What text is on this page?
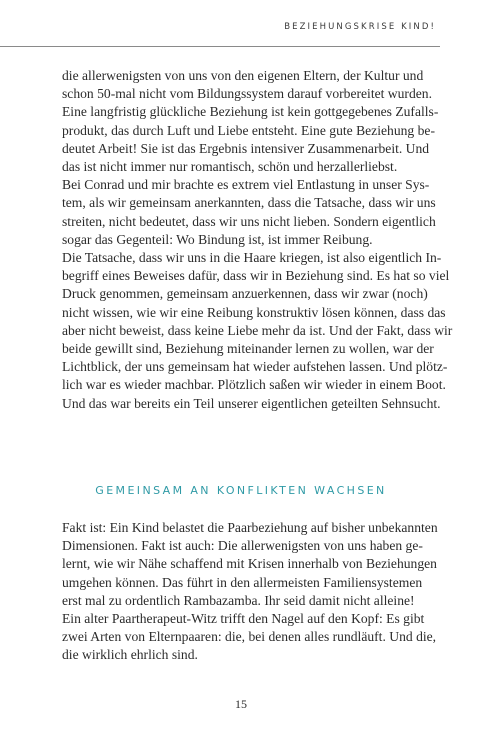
BEZIEHUNGSKRISE KIND!
die allerwenigsten von uns von den eigenen Eltern, der Kultur und
schon 50-mal nicht vom Bildungssystem darauf vorbereitet wurden.
Eine langfristig glückliche Beziehung ist kein gottgegebenes Zufalls-
produkt, das durch Luft und Liebe entsteht. Eine gute Beziehung be-
deutet Arbeit! Sie ist das Ergebnis intensiver Zusammenarbeit. Und
das ist nicht immer nur romantisch, schön und herzallerliebst.
Bei Conrad und mir brachte es extrem viel Entlastung in unser Sys-
tem, als wir gemeinsam anerkannten, dass die Tatsache, dass wir uns
streiten, nicht bedeutet, dass wir uns nicht lieben. Sondern eigentlich
sogar das Gegenteil: Wo Bindung ist, ist immer Reibung.
Die Tatsache, dass wir uns in die Haare kriegen, ist also eigentlich In-
begriff eines Beweises dafür, dass wir in Beziehung sind. Es hat so viel
Druck genommen, gemeinsam anzuerkennen, dass wir zwar (noch)
nicht wissen, wie wir eine Reibung konstruktiv lösen können, dass das
aber nicht beweist, dass keine Liebe mehr da ist. Und der Fakt, dass wir
beide gewillt sind, Beziehung miteinander lernen zu wollen, war der
Lichtblick, der uns gemeinsam hat wieder aufstehen lassen. Und plötz-
lich war es wieder machbar. Plötzlich saßen wir wieder in einem Boot.
Und das war bereits ein Teil unserer eigentlichen geteilten Sehnsucht.
GEMEINSAM AN KONFLIKTEN WACHSEN
Fakt ist: Ein Kind belastet die Paarbeziehung auf bisher unbekannten
Dimensionen. Fakt ist auch: Die allerwenigsten von uns haben ge-
lernt, wie wir Nähe schaffend mit Krisen innerhalb von Beziehungen
umgehen können. Das führt in den allermeisten Familiensystemen
erst mal zu ordentlich Rambazamba. Ihr seid damit nicht alleine!
Ein alter Paartherapeut-Witz trifft den Nagel auf den Kopf: Es gibt
zwei Arten von Elternpaaren: die, bei denen alles rundläuft. Und die,
die wirklich ehrlich sind.
15
